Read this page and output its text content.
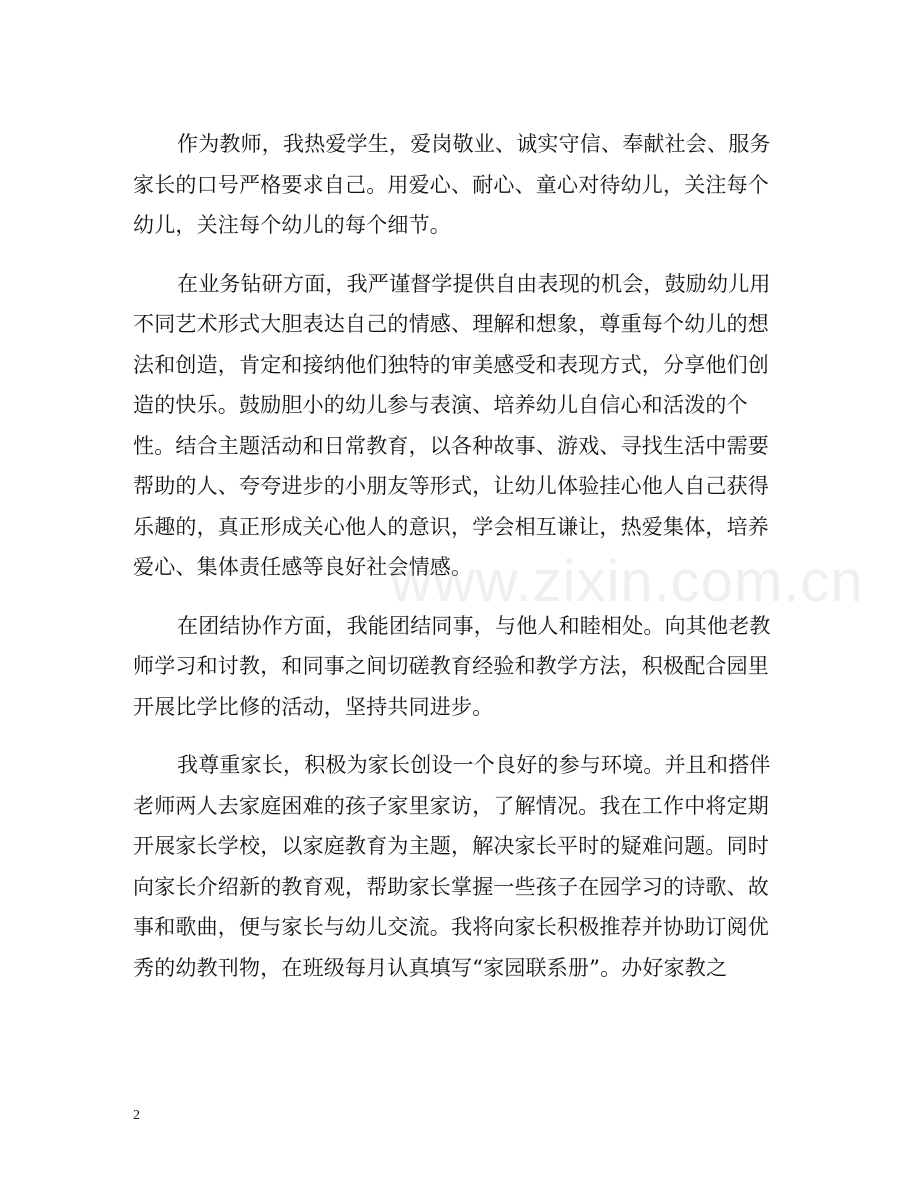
作为教师，我热爱学生，爱岗敬业、诚实守信、奉献社会、服务
家长的口号严格要求自己。用爱心、耐心、童心对待幼儿，关注每个
幼儿，关注每个幼儿的每个细节。
在业务钻研方面，我严谨督学提供自由表现的机会，鼓励幼儿用
不同艺术形式大胆表达自己的情感、理解和想象，尊重每个幼儿的想
法和创造，肯定和接纳他们独特的审美感受和表现方式，分享他们创
造的快乐。鼓励胆小的幼儿参与表演、培养幼儿自信心和活泼的个
性。结合主题活动和日常教育，以各种故事、游戏、寻找生活中需要
帮助的人、夸夸进步的小朋友等形式，让幼儿体验挂心他人自己获得
乐趣的，真正形成关心他人的意识，学会相互谦让，热爱集体，培养
爱心、集体责任感等良好社会情感。
在团结协作方面，我能团结同事，与他人和睦相处。向其他老教
师学习和讨教，和同事之间切磋教育经验和教学方法，积极配合园里
开展比学比修的活动，坚持共同进步。
我尊重家长，积极为家长创设一个良好的参与环境。并且和搭伴
老师两人去家庭困难的孩子家里家访，了解情况。我在工作中将定期
开展家长学校，以家庭教育为主题，解决家长平时的疑难问题。同时
向家长介绍新的教育观，帮助家长掌握一些孩子在园学习的诗歌、故
事和歌曲，便与家长与幼儿交流。我将向家长积极推荐并协助订阅优
秀的幼教刊物，在班级每月认真填写“家园联系册”。办好家教之
www.zixin.com.cn
2
